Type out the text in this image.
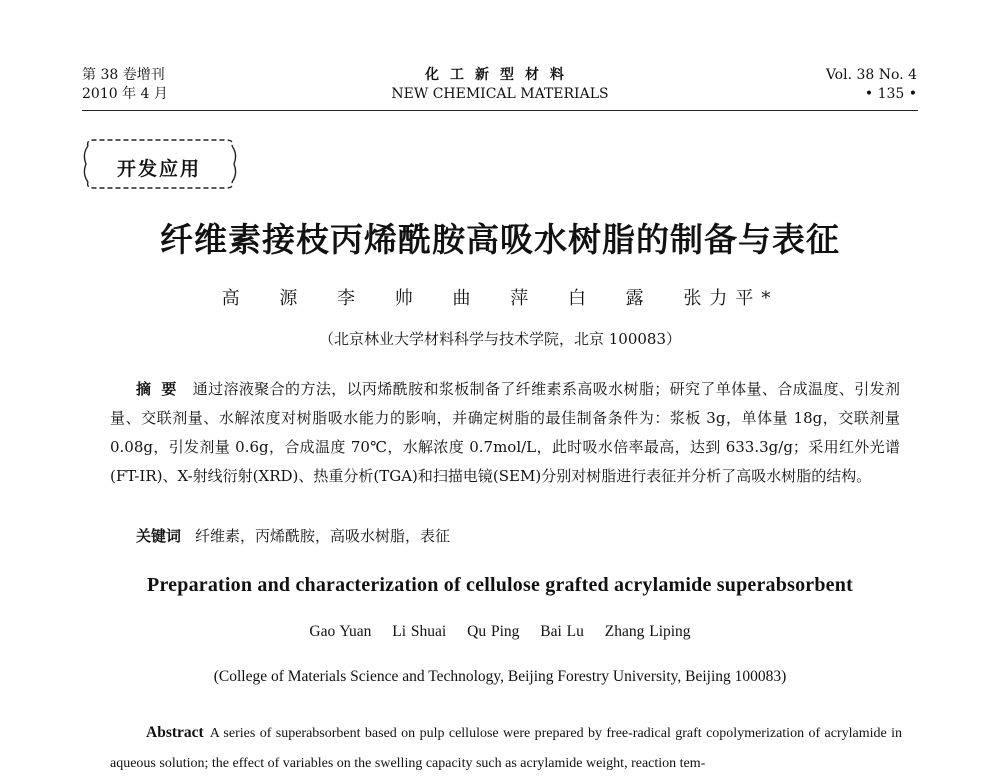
第 38 卷增刊
2010 年 4 月
化工新型材料
NEW CHEMICAL MATERIALS
Vol. 38 No. 4
• 135 •
开发应用
纤维素接枝丙烯酰胺高吸水树脂的制备与表征
高 源 李 帅 曲 萍 白 露 张力平*
（北京林业大学材料科学与技术学院，北京 100083）
摘要 通过溶液聚合的方法，以丙烯酰胺和浆板制备了纤维素系高吸水树脂；研究了单体量、合成温度、引发剂量、交联剂量、水解浓度对树脂吸水能力的影响，并确定树脂的最佳制备条件为：浆板 3g，单体量 18g，交联剂量 0.08g，引发剂量 0.6g，合成温度 70℃，水解浓度 0.7mol/L，此时吸水倍率最高，达到 633.3g/g；采用红外光谱(FT-IR)、X-射线衍射(XRD)、热重分析(TGA)和扫描电镜(SEM)分别对树脂进行表征并分析了高吸水树脂的结构。
关键词 纤维素，丙烯酰胺，高吸水树脂，表征
Preparation and characterization of cellulose grafted acrylamide superabsorbent
Gao Yuan Li Shuai Qu Ping Bai Lu Zhang Liping
(College of Materials Science and Technology, Beijing Forestry University, Beijing 100083)
Abstract A series of superabsorbent based on pulp cellulose were prepared by free-radical graft copolymerization of acrylamide in aqueous solution; the effect of variables on the swelling capacity such as acrylamide weight, reaction tem-
